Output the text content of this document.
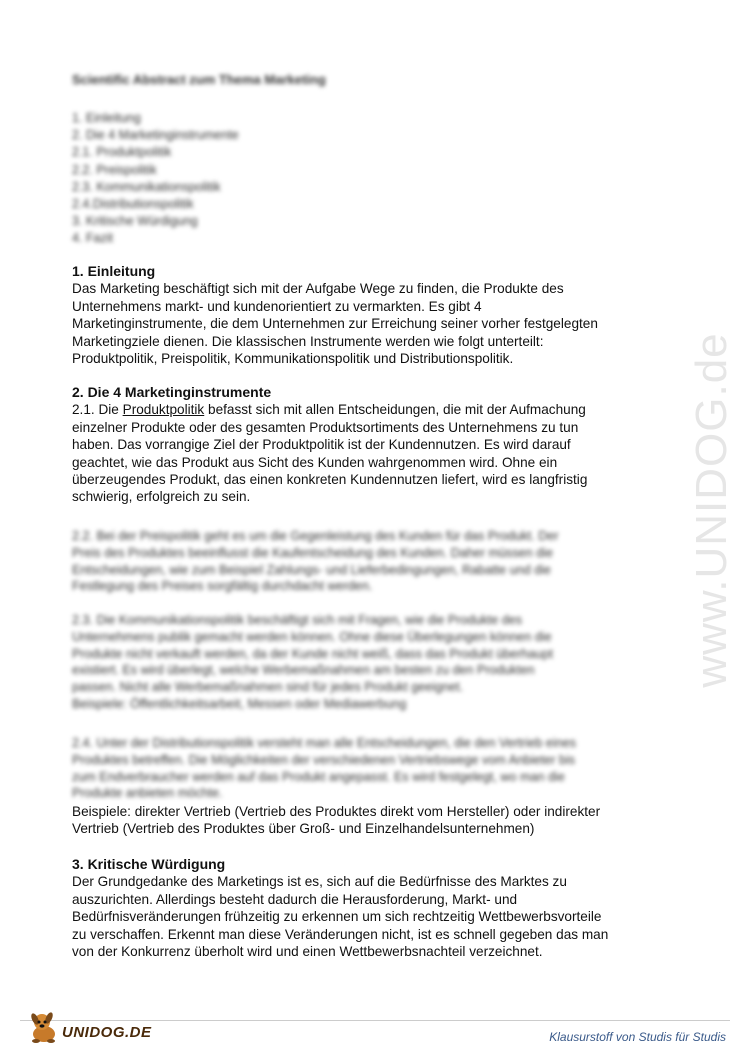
Scientific Abstract zum Thema Marketing
1. Einleitung
2. Die 4 Marketinginstrumente
2.1. Produktpolitik
2.2. Preispolitik
2.3. Kommunikationspolitik
2.4.Distributionspolitik
3. Kritische Würdigung
4. Fazit

1. Einleitung

Das Marketing beschäftigt sich mit der Aufgabe Wege zu finden, die Produkte des

Unternehmens markt- und kundenorientiert zu vermarkten. Es gibt 4

Marketinginstrumente, die dem Unternehmen zur Erreichung seiner vorher festgelegten

Marketingziele dienen. Die klassischen Instrumente werden wie folgt unterteilt:

Produktpolitik, Preispolitik, Kommunikationspolitik und Distributionspolitik.

2. Die 4 Marketinginstrumente

2.1. Die Produktpolitik befasst sich mit allen Entscheidungen, die mit der Aufmachung

einzelner Produkte oder des gesamten Produktsortiments des Unternehmens zu tun

haben. Das vorrangige Ziel der Produktpolitik ist der Kundennutzen. Es wird darauf

geachtet, wie das Produkt aus Sicht des Kunden wahrgenommen wird. Ohne ein

überzeugendes Produkt, das einen konkreten Kundennutzen liefert, wird es langfristig

schwierig, erfolgreich zu sein.

2.2. Bei der Preispolitik geht es um die Gegenleistung des Kunden für das Produkt. Der
Preis des Produktes beeinflusst die Kaufentscheidung des Kunden. Daher müssen die
Entscheidungen, wie zum Beispiel Zahlungs- und Lieferbedingungen, Rabatte und die
Festlegung des Preises sorgfältig durchdacht werden.
2.3. Die Kommunikationspolitik beschäftigt sich mit Fragen, wie die Produkte des
Unternehmens publik gemacht werden können. Ohne diese Überlegungen können die
Produkte nicht verkauft werden, da der Kunde nicht weiß, dass das Produkt überhaupt
existiert. Es wird überlegt, welche Werbemaßnahmen am besten zu den Produkten
passen. Nicht alle Werbemaßnahmen sind für jedes Produkt geeignet.
Beispiele: Öffentlichkeitsarbeit, Messen oder Mediawerbung
2.4. Unter der Distributionspolitik versteht man alle Entscheidungen, die den Vertrieb eines
Produktes betreffen. Die Möglichkeiten der verschiedenen Vertriebswege vom Anbieter bis
zum Endverbraucher werden auf das Produkt angepasst. Es wird festgelegt, wo man die
Produkte anbieten möchte.

Beispiele: direkter Vertrieb (Vertrieb des Produktes direkt vom Hersteller) oder indirekter

Vertrieb (Vertrieb des Produktes über Groß- und Einzelhandelsunternehmen)

3. Kritische Würdigung

Der Grundgedanke des Marketings ist es, sich auf die Bedürfnisse des Marktes zu

auszurichten. Allerdings besteht dadurch die Herausforderung, Markt- und

Bedürfnisveränderungen frühzeitig zu erkennen um sich rechtzeitig Wettbewerbsvorteile

zu verschaffen. Erkennt man diese Veränderungen nicht, ist es schnell gegeben das man

von der Konkurrenz überholt wird und einen Wettbewerbsnachteil verzeichnet.

www.UNIDOG.de
UNIDOG.DE	Klausurstoff von Studis für Studis
